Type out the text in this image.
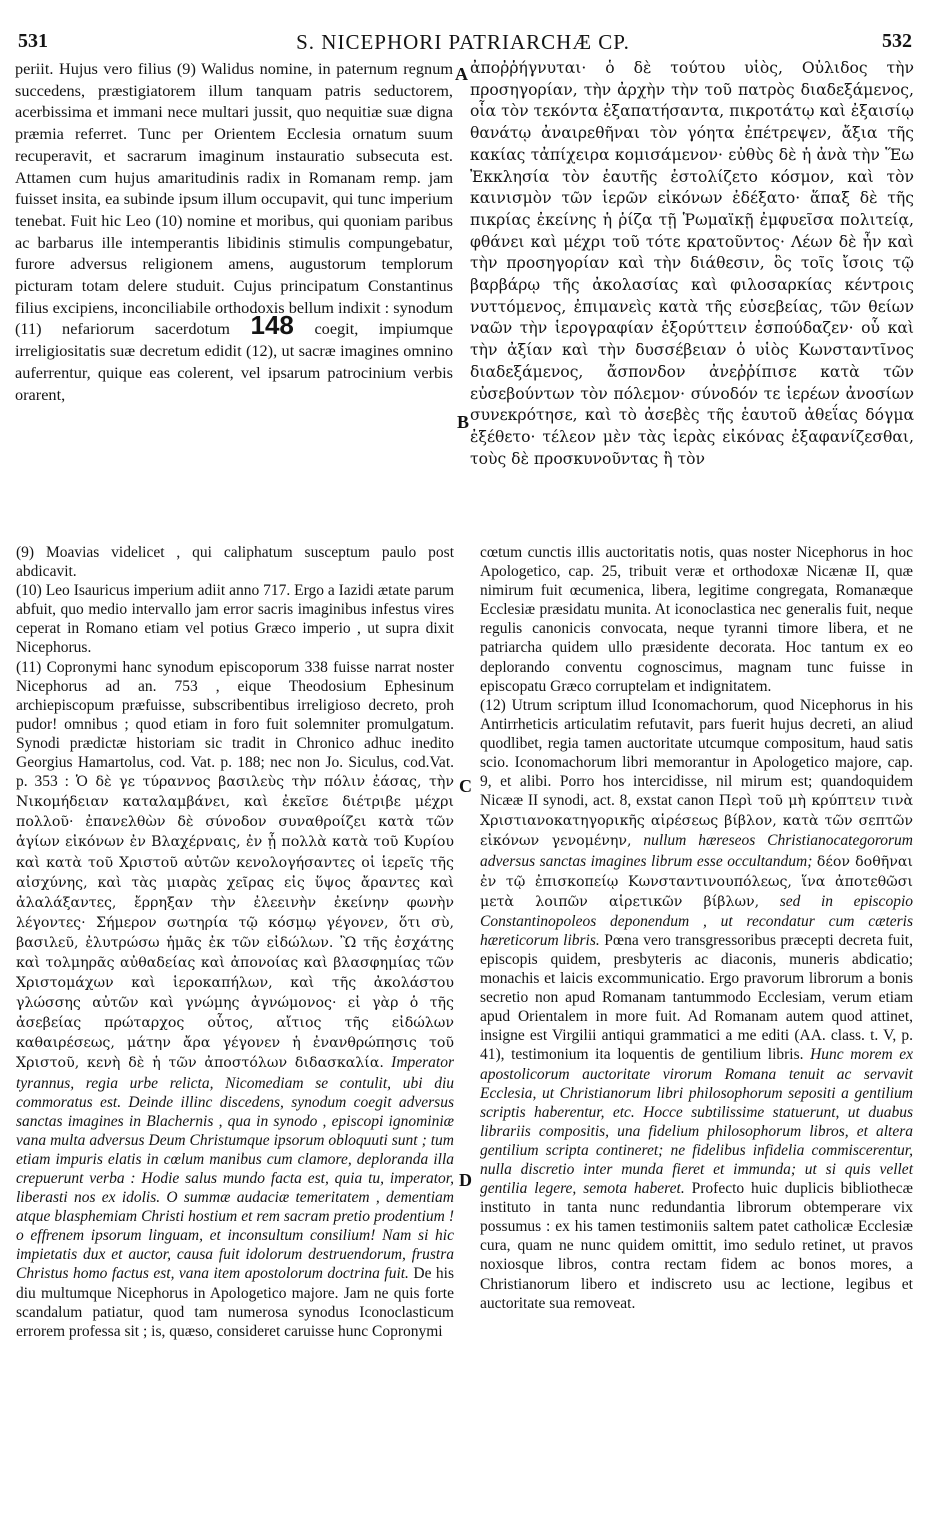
531	S. NICEPHORI PATRIARCHÆ CP.	532
A
B
C
D

periit. Hujus vero filius (9) Walidus nomine, in paternum regnum succedens, præstigiatorem illum tanquam patris seductorem, acerbissima et immani nece multari jussit, quo nequitiæ suæ digna præmia referret. Tunc per Orientem Ecclesia ornatum suum recuperavit, et sacrarum imaginum instauratio subsecuta est. Attamen cum hujus amaritudinis radix in Romanam remp. jam fuisset insita, ea subinde ipsum illum occupavit, qui tunc imperium tenebat. Fuit hic Leo (10) nomine et moribus, qui quoniam paribus ac barbarus ille intemperantis libidinis stimulis compungebatur, furore adversus religionem amens, augustorum templorum picturam totam delere studuit. Cujus principatum Constantinus filius excipiens, inconciliabile orthodoxis bellum indixit : synodum (11) nefariorum sacerdotum 148 coegit, impiumque irreligiositatis suæ decretum edidit (12), ut sacræ imagines omnino auferrentur, quique eas colerent, vel ipsarum patrocinium verbis orarent,

ἀποῤῥήγνυται· ὁ δὲ τούτου υἱὸς, Οὐλιδος τὴν προσηγορίαν, τὴν ἀρχὴν τὴν τοῦ πατρὸς διαδεξάμενος, οἷα τὸν τεκόντα ἐξαπατήσαντα, πικροτάτῳ καὶ ἐξαισίῳ θανάτῳ ἀναιρεθῆναι τὸν γόητα ἐπέτρεψεν, ἄξια τῆς κακίας τἀπίχειρα κομισάμενον· εὐθὺς δὲ ἡ ἀνὰ τὴν Ἕω Ἐκκλησία τὸν ἑαυτῆς ἐστολίζετο κόσμον, καὶ τὸν καινισμὸν τῶν ἱερῶν εἰκόνων ἐδέξατο· ἅπαξ δὲ τῆς πικρίας ἐκείνης ἡ ῥίζα τῇ Ῥωμαϊκῇ ἐμφυεῖσα πολιτείᾳ, φθάνει καὶ μέχρι τοῦ τότε κρατοῦντος· Λέων δὲ ἦν καὶ τὴν προσηγορίαν καὶ τὴν διάθεσιν, ὃς τοῖς ἴσοις τῷ βαρβάρῳ τῆς ἀκολασίας καὶ φιλοσαρκίας κέντροις νυττόμενος, ἐπιμανεὶς κατὰ τῆς εὐσεβείας, τῶν θείων ναῶν τὴν ἱερογραφίαν ἐξορύττειν ἐσπούδαζεν· οὗ καὶ τὴν ἀξίαν καὶ τὴν δυσσέβειαν ὁ υἱὸς Κωνσταντῖνος διαδεξάμενος, ἄσπονδον ἀνεῤῥίπισε κατὰ τῶν εὐσεβούντων τὸν πόλεμον· σύνοδόν τε ἱερέων ἀνοσίων συνεκρότησε, καὶ τὸ ἀσεβὲς τῆς ἑαυτοῦ ἀθεΐας δόγμα ἐξέθετο· τέλεον μὲν τὰς ἱερὰς εἰκόνας ἐξαφανίζεσθαι, τοὺς δὲ προσκυνοῦντας ἢ τὸν

(9) Moavias videlicet , qui caliphatum susceptum paulo post abdicavit.

(10) Leo Isauricus imperium adiit anno 717. Ergo a Iazidi ætate parum abfuit, quo medio intervallo jam error sacris imaginibus infestus vires ceperat in Romano etiam vel potius Græco imperio , ut supra dixit Nicephorus.

(11) Copronymi hanc synodum episcoporum 338 fuisse narrat noster Nicephorus ad an. 753 , eique Theodosium Ephesinum archiepiscopum præfuisse, subscribentibus irreligioso decreto, proh pudor! omnibus ; quod etiam in foro fuit solemniter promulgatum. Synodi prædictæ historiam sic tradit in Chronico adhuc inedito Georgius Hamartolus, cod. Vat. p. 188; nec non Jo. Siculus, cod.Vat. p. 353 : Ὁ δὲ γε τύραννος βασιλεὺς τὴν πόλιν ἐάσας, τὴν Νικομήδειαν καταλαμβάνει, καὶ ἐκεῖσε διέτριβε μέχρι πολλοῦ· ἐπανελθὼν δὲ σύνοδον συναθροίζει κατὰ τῶν ἁγίων εἰκόνων ἐν Βλαχέρναις, ἐν ᾗ πολλὰ κατὰ τοῦ Κυρίου καὶ κατὰ τοῦ Χριστοῦ αὐτῶν κενολογήσαντες οἱ ἱερεῖς τῆς αἰσχύνης, καὶ τὰς μιαρὰς χεῖρας εἰς ὕψος ἄραντες καὶ ἀλαλάξαντες, ἔρρηξαν τὴν ἐλεεινὴν ἐκείνην φωνὴν λέγοντες· Σήμερον σωτηρία τῷ κόσμῳ γέγονεν, ὅτι σὺ, βασιλεῦ, ἐλυτρώσω ἡμᾶς ἐκ τῶν εἰδώλων. Ὢ τῆς ἐσχάτης καὶ τολμηρᾶς αὐθαδείας καὶ ἀπονοίας καὶ βλασφημίας τῶν Χριστομάχων καὶ ἱεροκαπήλων, καὶ τῆς ἀκολάστου γλώσσης αὐτῶν καὶ γνώμης ἀγνώμονος· εἰ γὰρ ὁ τῆς ἀσεβείας πρώταρχος οὗτος, αἴτιος τῆς εἰδώλων καθαιρέσεως, μάτην ἄρα γέγονεν ἡ ἐνανθρώπησις τοῦ Χριστοῦ, κενὴ δὲ ἡ τῶν ἀποστόλων διδασκαλία. Imperator tyrannus, regia urbe relicta, Nicomediam se contulit, ubi diu commoratus est. Deinde illinc discedens, synodum coegit adversus sanctas imagines in Blachernis , qua in synodo , episcopi ignominiæ vana multa adversus Deum Christumque ipsorum obloquuti sunt ; tum etiam impuris elatis in cœlum manibus cum clamore, deploranda illa crepuerunt verba : Hodie salus mundo facta est, quia tu, imperator, liberasti nos ex idolis. O summæ audaciæ temeritatem , dementiam atque blasphemiam Christi hostium et rem sacram pretio prodentium ! o effrenem ipsorum linguam, et inconsultum consilium! Nam si hic impietatis dux et auctor, causa fuit idolorum destruendorum, frustra Christus homo factus est, vana item apostolorum doctrina fuit. De his diu multumque Nicephorus in Apologetico majore. Jam ne quis forte scandalum patiatur, quod tam numerosa synodus Iconoclasticum errorem professa sit ; is, quæso, consideret caruisse hunc Copronymi

cœtum cunctis illis auctoritatis notis, quas noster Nicephorus in hoc Apologetico, cap. 25, tribuit veræ et orthodoxæ Nicænæ II, quæ nimirum fuit œcumenica, libera, legitime congregata, Romanæque Ecclesiæ præsidatu munita. At iconoclastica nec generalis fuit, neque regulis canonicis convocata, neque tyranni timore libera, et ne patriarcha quidem ullo præsidente decorata. Hoc tantum ex eo deplorando conventu cognoscimus, magnam tunc fuisse in episcopatu Græco corruptelam et indignitatem.

(12) Utrum scriptum illud Iconomachorum, quod Nicephorus in his Antirrheticis articulatim refutavit, pars fuerit hujus decreti, an aliud quodlibet, regia tamen auctoritate utcumque compositum, haud satis scio. Iconomachorum libri memorantur in Apologetico majore, cap. 9, et alibi. Porro hos intercidisse, nil mirum est; quandoquidem Nicææ II synodi, act. 8, exstat canon Περὶ τοῦ μὴ κρύπτειν τινὰ Χριστιανοκατηγορικῆς αἱρέσεως βίβλον, κατὰ τῶν σεπτῶν εἰκόνων γενομένην, nullum hæreseos Christianocategororum adversus sanctas imagines librum esse occultandum; δέον δοθῆναι ἐν τῷ ἐπισκοπείῳ Κωνσταντινουπόλεως, ἵνα ἀποτεθῶσι μετὰ λοιπῶν αἱρετικῶν βίβλων, sed in episcopio Constantinopoleos deponendum , ut recondatur cum cæteris hæreticorum libris. Pœna vero transgressoribus præcepti decreta fuit, episcopis quidem, presbyteris ac diaconis, muneris abdicatio; monachis et laicis excommunicatio. Ergo pravorum librorum a bonis secretio non apud Romanam tantummodo Ecclesiam, verum etiam apud Orientalem in more fuit. Ad Romanam autem quod attinet, insigne est Virgilii antiqui grammatici a me editi (AA. class. t. V, p. 41), testimonium ita loquentis de gentilium libris. Hunc morem ex apostolicorum auctoritate virorum Romana tenuit ac servavit Ecclesia, ut Christianorum libri philosophorum sepositi a gentilium scriptis haberentur, etc. Hocce subtilissime statuerunt, ut duabus librariis compositis, una fidelium philosophorum libros, et altera gentilium scripta contineret; ne fidelibus infidelia commiscerentur, nulla discretio inter munda fieret et immunda; ut si quis vellet gentilia legere, semota haberet. Profecto huic duplicis bibliothecæ instituto in tanta nunc redundantia librorum obtemperare vix possumus : ex his tamen testimoniis saltem patet catholicæ Ecclesiæ cura, quam ne nunc quidem omittit, imo sedulo retinet, ut pravos noxiosque libros, contra rectam fidem ac bonos mores, a Christianorum libero et indiscreto usu ac lectione, legibus et auctoritate sua removeat.
